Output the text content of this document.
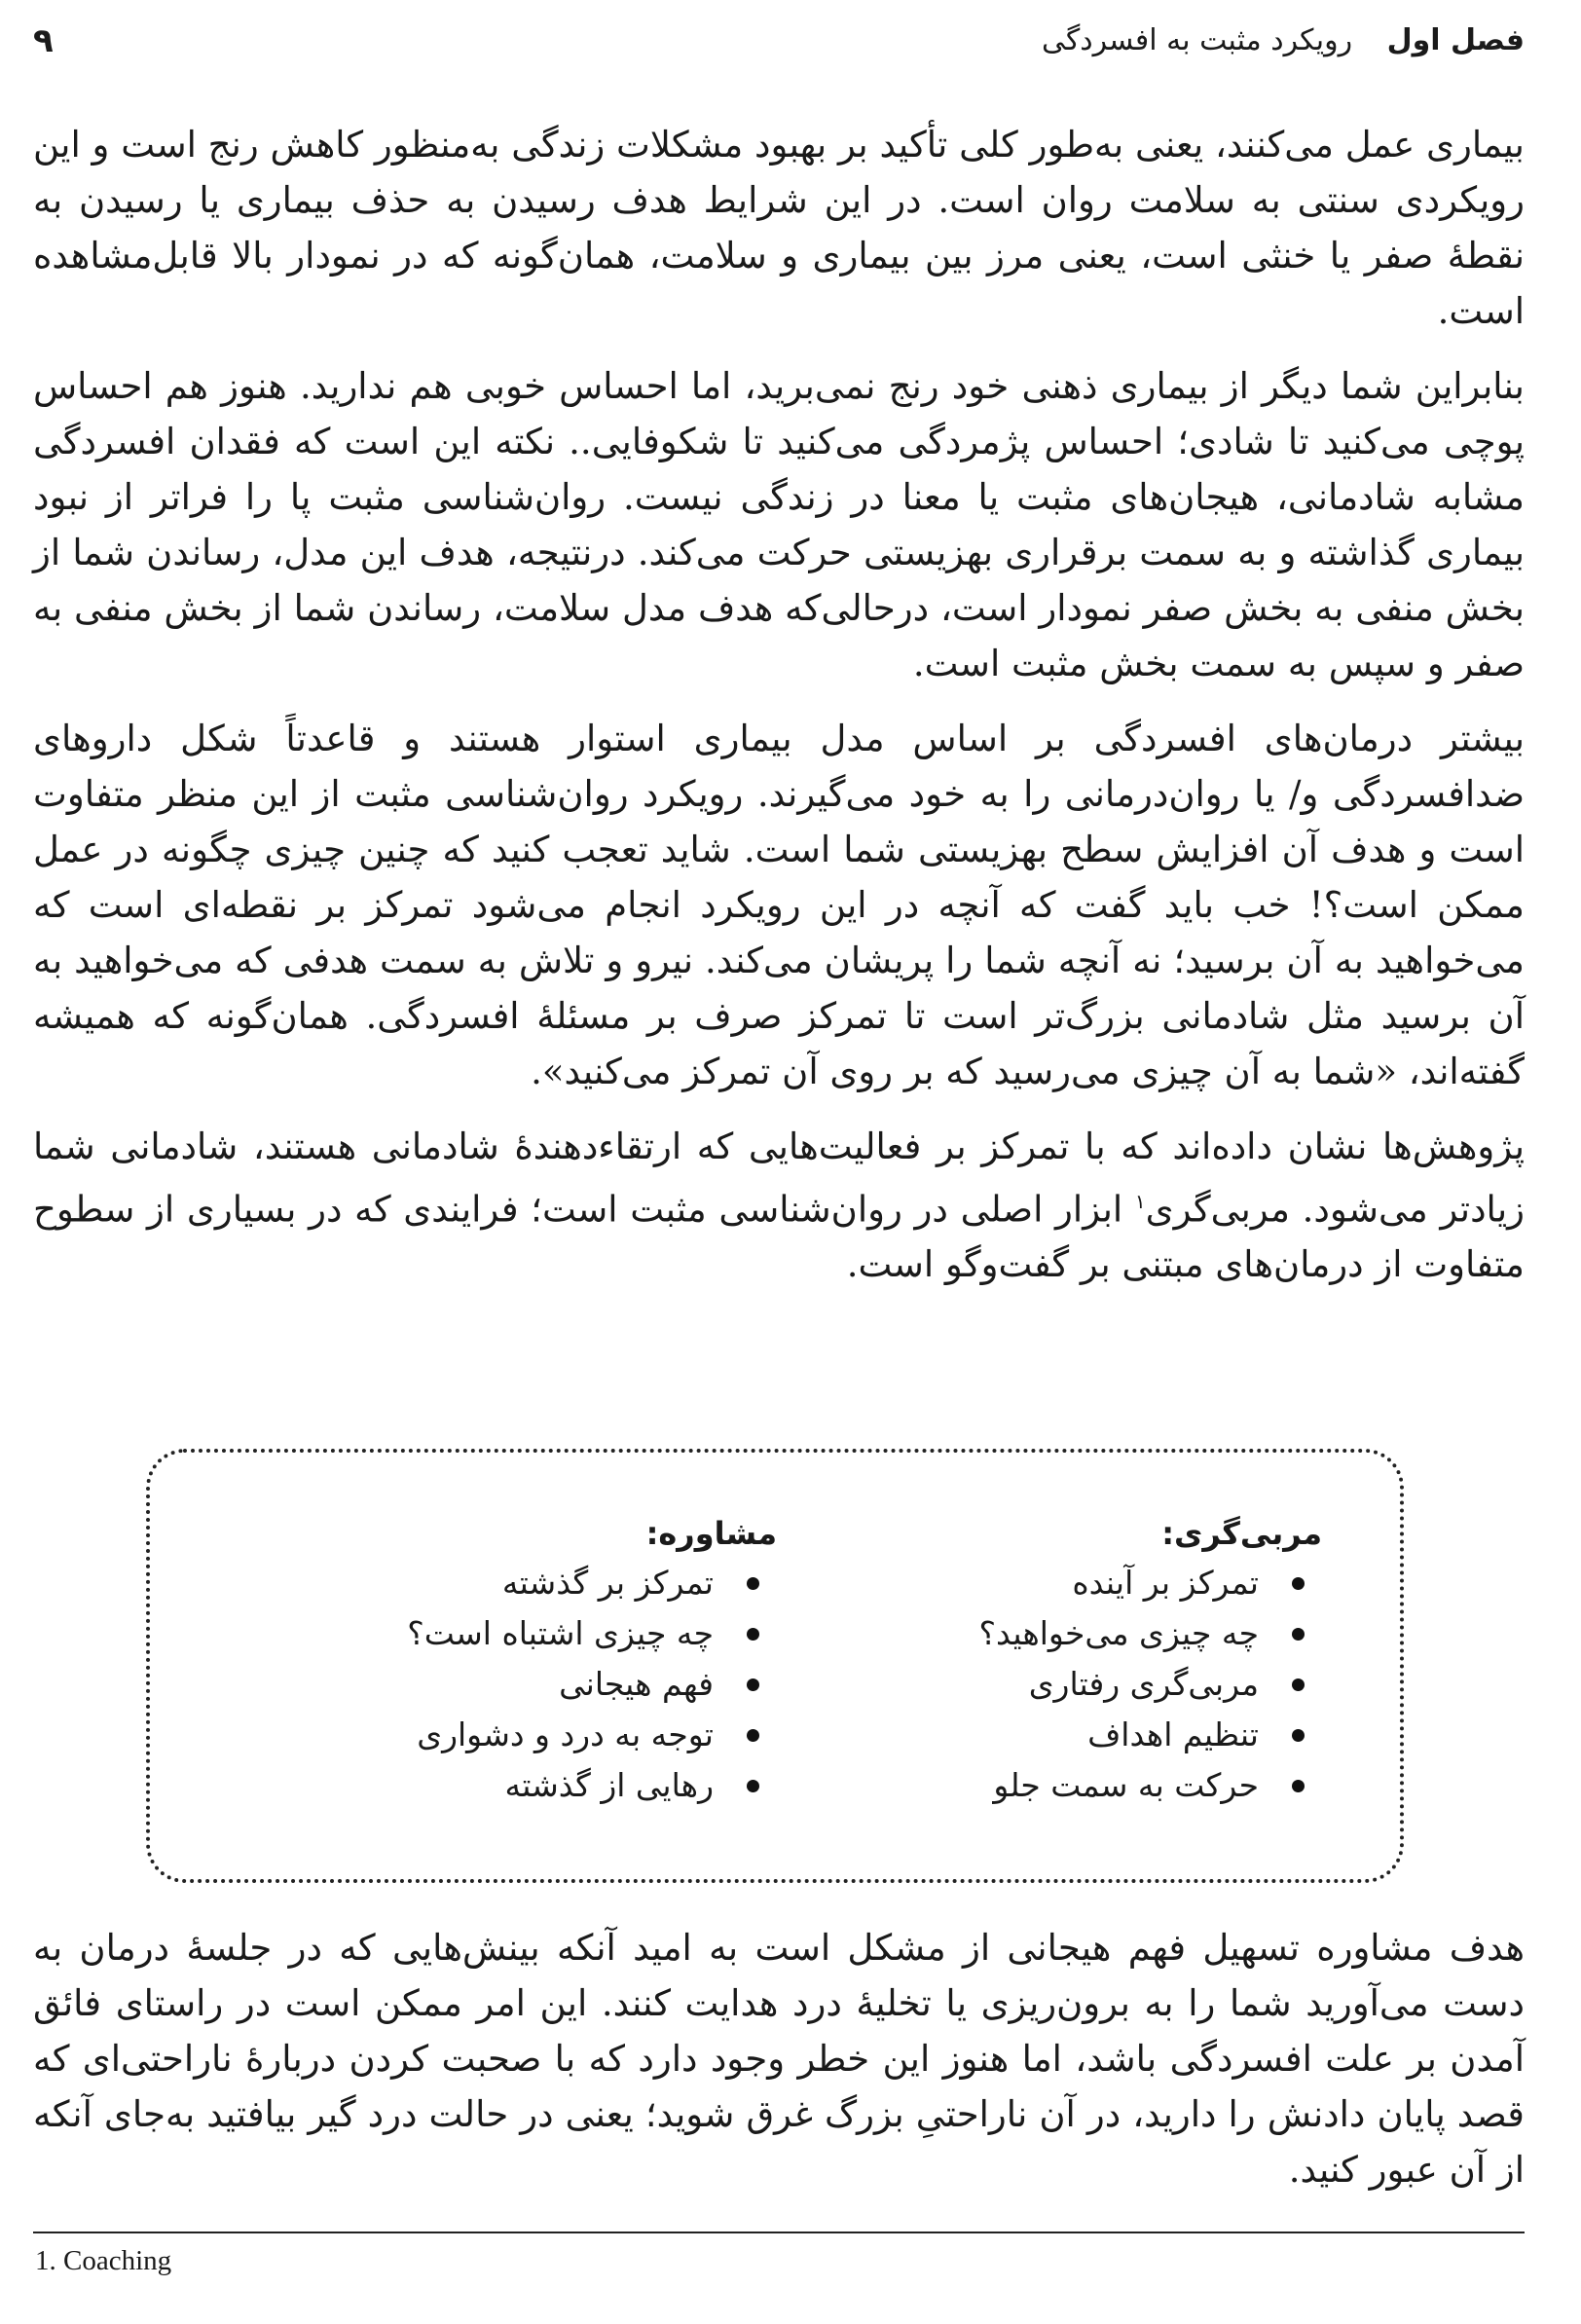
فصل اول رویکرد مثبت به افسردگی
۹

بیماری عمل می‌کنند، یعنی به‌طور کلی تأکید بر بهبود مشکلات زندگی به‌منظور کاهش رنج است و این رویکردی سنتی به سلامت روان است. در این شرایط هدف رسیدن به حذف بیماری یا رسیدن به نقطهٔ صفر یا خنثی است، یعنی مرز بین بیماری و سلامت، همان‌گونه که در نمودار بالا قابل‌مشاهده است.

بنابراین شما دیگر از بیماری ذهنی خود رنج نمی‌برید، اما احساس خوبی هم ندارید. هنوز هم احساس پوچی می‌کنید تا شادی؛ احساس پژمردگی می‌کنید تا شکوفایی.. نکته این است که فقدان افسردگی مشابه شادمانی، هیجان‌های مثبت یا معنا در زندگی نیست. روان‌شناسی مثبت پا را فراتر از نبود بیماری گذاشته و به سمت برقراری بهزیستی حرکت می‌کند. درنتیجه، هدف این مدل، رساندن شما از بخش منفی به بخش صفر نمودار است، درحالی‌که هدف مدل سلامت، رساندن شما از بخش منفی به صفر و سپس به سمت بخش مثبت است.

بیشتر درمان‌های افسردگی بر اساس مدل بیماری استوار هستند و قاعدتاً شکل داروهای ضدافسردگی و/ یا روان‌درمانی را به خود می‌گیرند. رویکرد روان‌شناسی مثبت از این منظر متفاوت است و هدف آن افزایش سطح بهزیستی شما است. شاید تعجب کنید که چنین چیزی چگونه در عمل ممکن است؟! خب باید گفت که آنچه در این رویکرد انجام می‌شود تمرکز بر نقطه‌ای است که می‌خواهید به آن برسید؛ نه آنچه شما را پریشان می‌کند. نیرو و تلاش به سمت هدفی که می‌خواهید به آن برسید مثل شادمانی بزرگ‌تر است تا تمرکز صرف بر مسئلهٔ افسردگی. همان‌گونه که همیشه گفته‌اند، «شما به آن چیزی می‌رسید که بر روی آن تمرکز می‌کنید».

پژوهش‌ها نشان داده‌اند که با تمرکز بر فعالیت‌هایی که ارتقاءدهندهٔ شادمانی هستند، شادمانی شما زیادتر می‌شود. مربی‌گری$^۱$ ابزار اصلی در روان‌شناسی مثبت است؛ فرایندی که در بسیاری از سطوح متفاوت از درمان‌های مبتنی بر گفت‌وگو است.

مربی‌گری:
تمرکز بر آینده
چه چیزی می‌خواهید؟
مربی‌گری رفتاری
تنظیم اهداف
حرکت به سمت جلو
مشاوره:
تمرکز بر گذشته
چه چیزی اشتباه است؟
فهم هیجانی
توجه به درد و دشواری
رهایی از گذشته

هدف مشاوره تسهیل فهم هیجانی از مشکل است به امید آنکه بینش‌هایی که در جلسهٔ درمان به دست می‌آورید شما را به برون‌ریزی یا تخلیهٔ درد هدایت کنند. این امر ممکن است در راستای فائق آمدن بر علت افسردگی باشد، اما هنوز این خطر وجود دارد که با صحبت کردن دربارهٔ ناراحتی‌ای که قصد پایان دادنش را دارید، در آن ناراحتیِ بزرگ غرق شوید؛ یعنی در حالت درد گیر بیافتید به‌جای آنکه از آن عبور کنید.

1. Coaching
